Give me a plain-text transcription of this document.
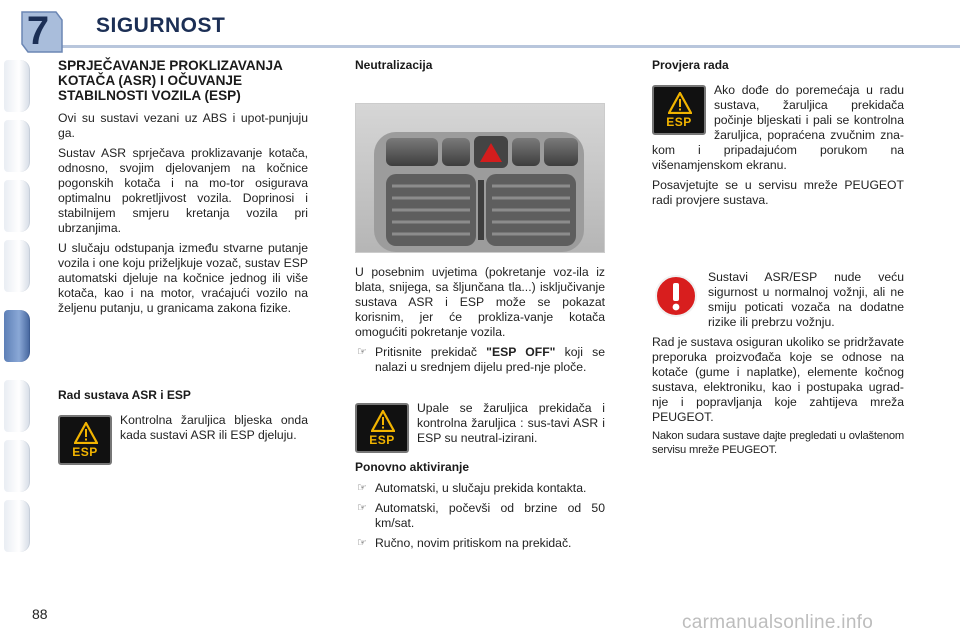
7	SIGURNOST
SPRJEČAVANJE PROKLIZAVANJA KOTAČA (ASR) I OČUVANJE STABILNOSTI VOZILA (ESP)

Ovi su sustavi vezani uz ABS i upot-punjuju ga.

Sustav ASR sprječava proklizavanje kotača, odnosno, svojim djelovanjem na kočnice pogonskih kotača i na mo-tor osigurava optimalnu pokretljivost vozila. Doprinosi i stabilnijem smjeru kretanja vozila pri ubrzanjima.

U slučaju odstupanja između stvarne putanje vozila i one koju priželjkuje vozač, sustav ESP automatski djeluje na kočnice jednog ili više kotača, kao i na motor, vraćajući vozilo na željenu putanju, u granicama zakona fizike.

Rad sustava ASR i ESP
ESP

Kontrolna žaruljica bljeska onda kada sustavi ASR ili ESP djeluju.

Neutralizacija

U posebnim uvjetima (pokretanje voz-ila iz blata, snijega, sa šljunčana tla...) isključivanje sustava ASR i ESP može se pokazat korisnim, jer će prokliza-vanje kotača omogućiti pokretanje vozila.

☞ Pritisnite prekidač "ESP OFF" koji se nalazi u srednjem dijelu pred-nje ploče.
ESP

Upale se žaruljica prekidača i kontrolna žaruljica : sus-tavi ASR i ESP su neutral-izirani.

Ponovno aktiviranje
☞ Automatski, u slučaju prekida kontakta.
☞ Automatski, počevši od brzine od 50 km/sat.
☞ Ručno, novim pritiskom na prekidač.
Provjera rada
ESP

Ako dođe do poremećaja u radu sustava, žaruljica prekidača počinje bljeskati i pali se kontrolna žaruljica, popraćena zvučnim zna-kom i pripadajućom porukom na višenamjenskom ekranu.

Posavjetujte se u servisu mreže PEUGEOT radi provjere sustava.

Sustavi ASR/ESP nude veću sigurnost u normalnoj vožnji, ali ne smiju poticati vozača na dodatne rizike ili prebrzu vožnju.

Rad je sustava osiguran ukoliko se pridržavate preporuka proizvođača koje se odnose na kotače (gume i naplatke), elemente kočnog sustava, elektroniku, kao i postupaka ugrad-nje i popravljanja koje zahtijeva mreža PEUGEOT.

Nakon sudara sustave dajte pregledati u ovlaštenom servisu mreže PEUGEOT.

88	carmanualsonline.info
